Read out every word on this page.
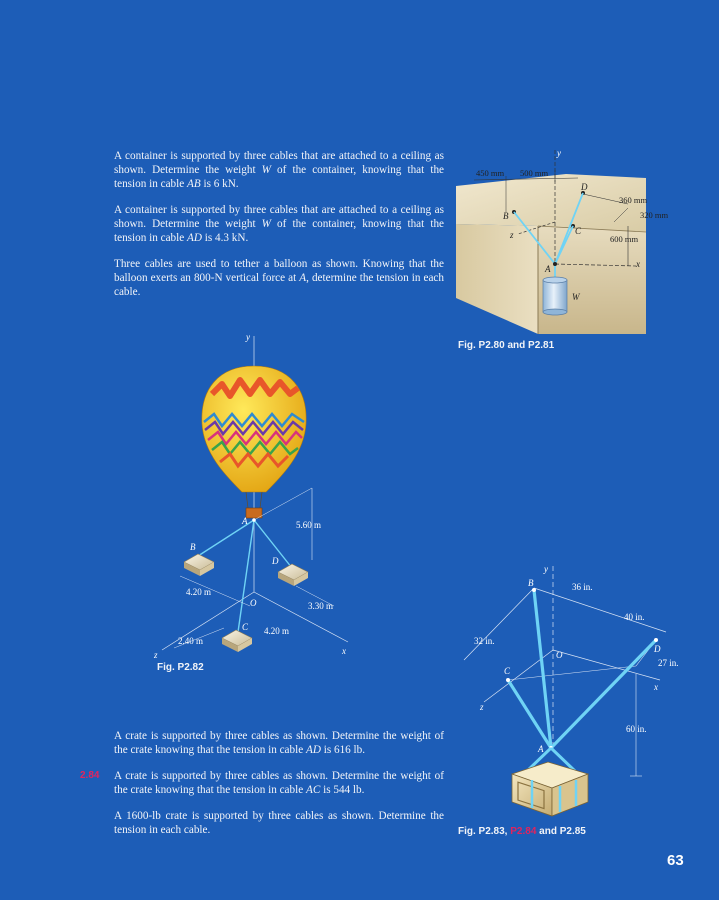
A container is supported by three cables that are attached to a ceiling as shown. Determine the weight W of the container, knowing that the tension in cable AB is 6 kN.

A container is supported by three cables that are attached to a ceiling as shown. Determine the weight W of the container, knowing that the tension in cable AD is 4.3 kN.

Three cables are used to tether a balloon as shown. Knowing that the balloon exerts an 800-N vertical force at A, determine the tension in each cable.

A crate is supported by three cables as shown. Determine the weight of the crate knowing that the tension in cable AD is 616 lb.

2.84 A crate is supported by three cables as shown. Determine the weight of the crate knowing that the tension in cable AC is 544 lb.

A 1600-lb crate is supported by three cables as shown. Determine the tension in each cable.

y
x
z
450 mm 500 mm
360 mm
320 mm
600 mm
B
D
C
A
W

Fig. P2.80 and P2.81

y
x
z
O
5.60 m
A
B
D
C
4.20 m
3.30 m
4.20 m
2.40 m

Fig. P2.82

y
O
x
z
36 in.
40 in.
32 in.
27 in.
60 in.
B
D
C
A

Fig. P2.83, P2.84 and P2.85

63
